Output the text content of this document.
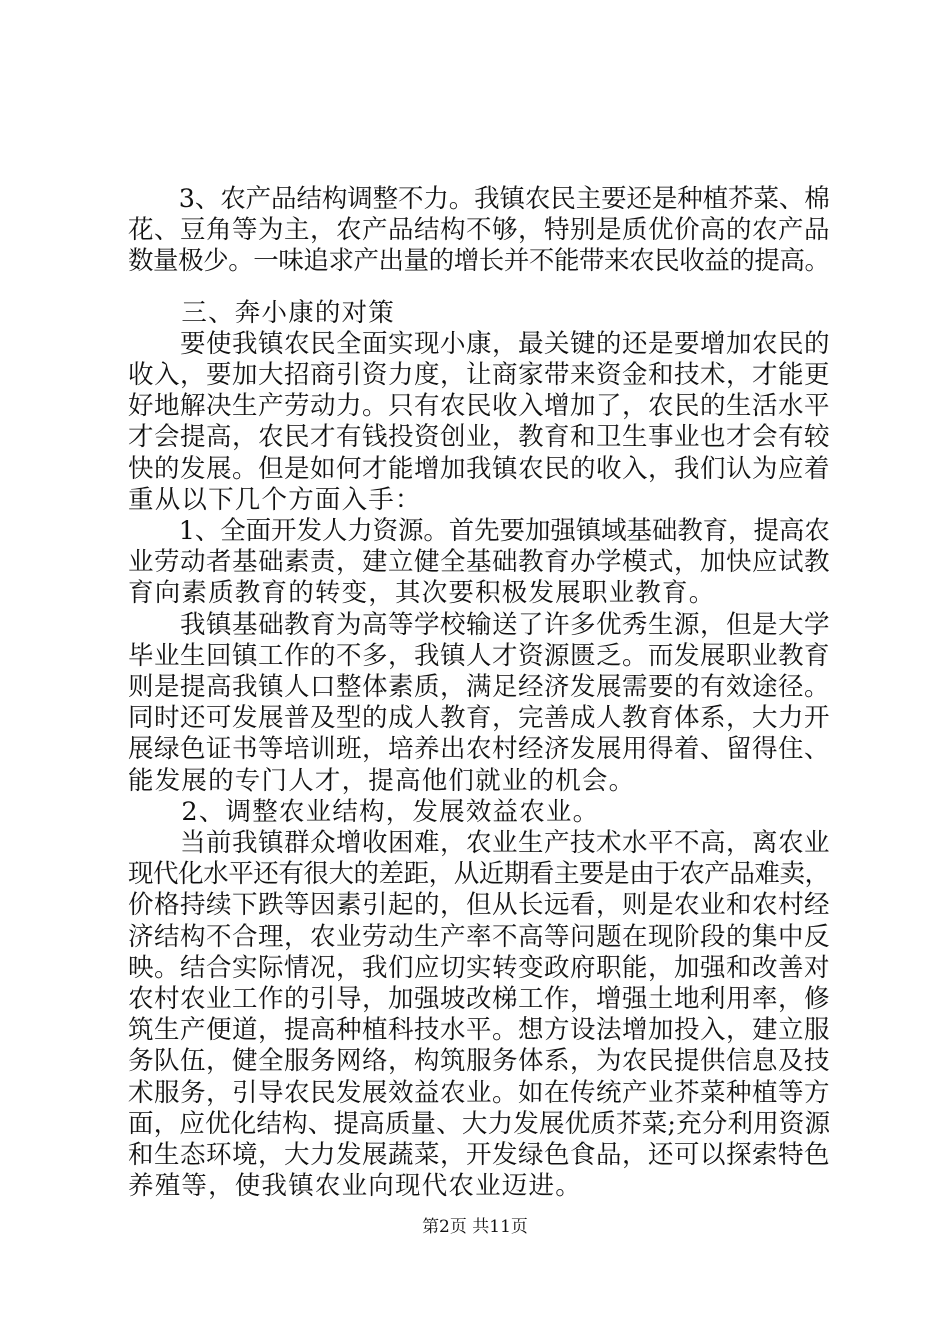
　　3、农产品结构调整不力。我镇农民主要还是种植芥菜、棉
花、豆角等为主，农产品结构不够，特别是质优价高的农产品
数量极少。一味追求产出量的增长并不能带来农民收益的提高。
　　三、奔小康的对策
　　要使我镇农民全面实现小康，最关键的还是要增加农民的
收入，要加大招商引资力度，让商家带来资金和技术，才能更
好地解决生产劳动力。只有农民收入增加了，农民的生活水平
才会提高，农民才有钱投资创业，教育和卫生事业也才会有较
快的发展。但是如何才能增加我镇农民的收入，我们认为应着
重从以下几个方面入手：
　　1、全面开发人力资源。首先要加强镇域基础教育，提高农
业劳动者基础素责，建立健全基础教育办学模式，加快应试教
育向素质教育的转变，其次要积极发展职业教育。
　　我镇基础教育为高等学校输送了许多优秀生源，但是大学
毕业生回镇工作的不多，我镇人才资源匮乏。而发展职业教育
则是提高我镇人口整体素质，满足经济发展需要的有效途径。
同时还可发展普及型的成人教育，完善成人教育体系，大力开
展绿色证书等培训班，培养出农村经济发展用得着、留得住、
能发展的专门人才，提高他们就业的机会。
　　2、调整农业结构，发展效益农业。
　　当前我镇群众增收困难，农业生产技术水平不高，离农业
现代化水平还有很大的差距，从近期看主要是由于农产品难卖，
价格持续下跌等因素引起的，但从长远看，则是农业和农村经
济结构不合理，农业劳动生产率不高等问题在现阶段的集中反
映。结合实际情况，我们应切实转变政府职能，加强和改善对
农村农业工作的引导，加强坡改梯工作，增强土地利用率，修
筑生产便道，提高种植科技水平。想方设法增加投入，建立服
务队伍，健全服务网络，构筑服务体系，为农民提供信息及技
术服务，引导农民发展效益农业。如在传统产业芥菜种植等方
面，应优化结构、提高质量、大力发展优质芥菜;充分利用资源
和生态环境，大力发展蔬菜，开发绿色食品，还可以探索特色
养殖等，使我镇农业向现代农业迈进。
第2页 共11页
